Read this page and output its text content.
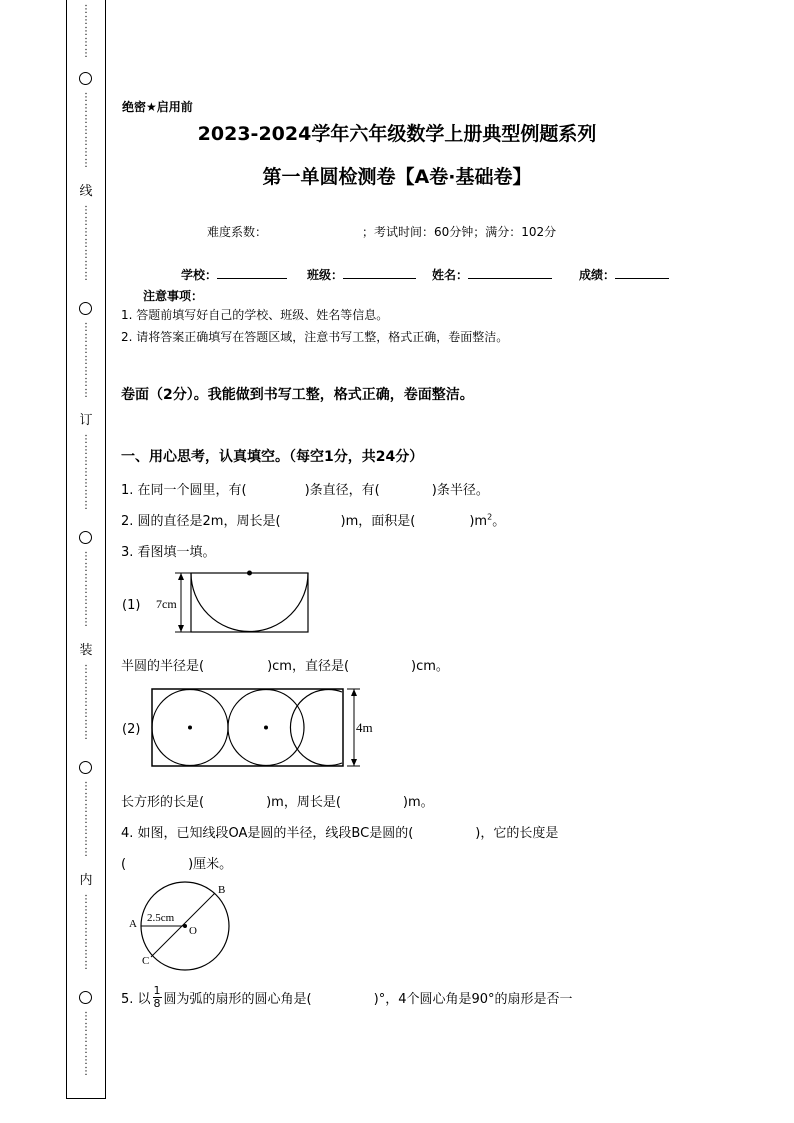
⋮
⋮
⋮
⋮
⋮
⋮
⋮
⋮
⋮
⋮
⋮
⋮
线
⋮
⋮
⋮
⋮
⋮
⋮
⋮
⋮
⋮
⋮
⋮
⋮
⋮
⋮
订
⋮
⋮
⋮
⋮
⋮
⋮
⋮
⋮
⋮
⋮
⋮
⋮
⋮
⋮
装
⋮
⋮
⋮
⋮
⋮
⋮
⋮
⋮
⋮
⋮
⋮
⋮
⋮
⋮
内
⋮
⋮
⋮
⋮
⋮
⋮
⋮
⋮
⋮
⋮
⋮
⋮
⋮
绝密★启用前
2023-2024学年六年级数学上册典型例题系列
第一单圆检测卷【A卷·基础卷】
难度系数：	；考试时间：60分钟；满分：102分
学校：	班级：	姓名：	成绩：
注意事项：
1. 答题前填写好自己的学校、班级、姓名等信息。
2. 请将答案正确填写在答题区域，注意书写工整，格式正确，卷面整洁。
卷面（2分）。我能做到书写工整，格式正确，卷面整洁。
一、用心思考，认真填空。（每空1分，共24分）
1. 在同一个圆里，有(	)条直径，有(	)条半径。
2. 圆的直径是2m，周长是(	)m，面积是(	)$m^2$。
3. 看图填一填。
(1) 7cm
半圆的半径是(	)cm，直径是(	)cm。
(2)	4m
长方形的长是(	)m，周长是(	)m。
4. 如图，已知线段OA是圆的半径，线段BC是圆的(	)，它的长度是
(	)厘米。
A
B
C
O
2.5cm
5. 以 $\frac{1}{8}$ 圆为弧的扇形的圆心角是(	)°，4个圆心角是90°的扇形是否一
